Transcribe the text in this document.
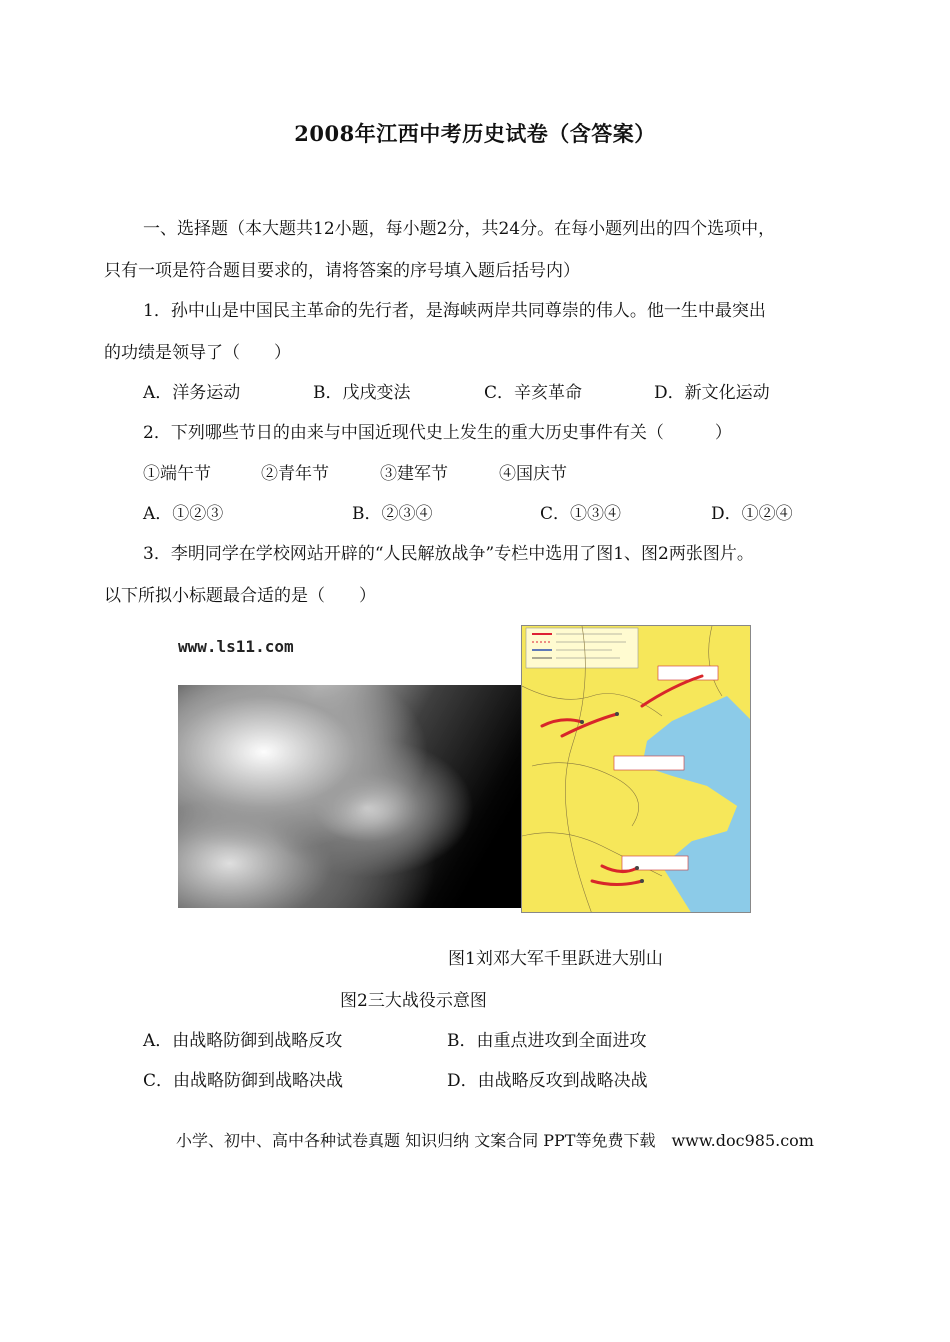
2008年江西中考历史试卷（含答案）
一、选择题（本大题共12小题，每小题2分，共24分。在每小题列出的四个选项中，
只有一项是符合题目要求的，请将答案的序号填入题后括号内）
1．孙中山是中国民主革命的先行者，是海峡两岸共同尊崇的伟人。他一生中最突出
的功绩是领导了（　　）
A．洋务运动	B．戊戌变法	C．辛亥革命	D．新文化运动
2．下列哪些节日的由来与中国近现代史上发生的重大历史事件有关（　　　）
①端午节	②青年节	③建军节	④国庆节
A．①②③	B．②③④	C．①③④	D．①②④
3．李明同学在学校网站开辟的“人民解放战争”专栏中选用了图1、图2两张图片。
以下所拟小标题最合适的是（　　）
www.ls11.com
图1刘邓大军千里跃进大别山
图2三大战役示意图
A．由战略防御到战略反攻	B．由重点进攻到全面进攻
C．由战略防御到战略决战	D．由战略反攻到战略决战
小学、初中、高中各种试卷真题 知识归纳 文案合同 PPT等免费下载　www.doc985.com
